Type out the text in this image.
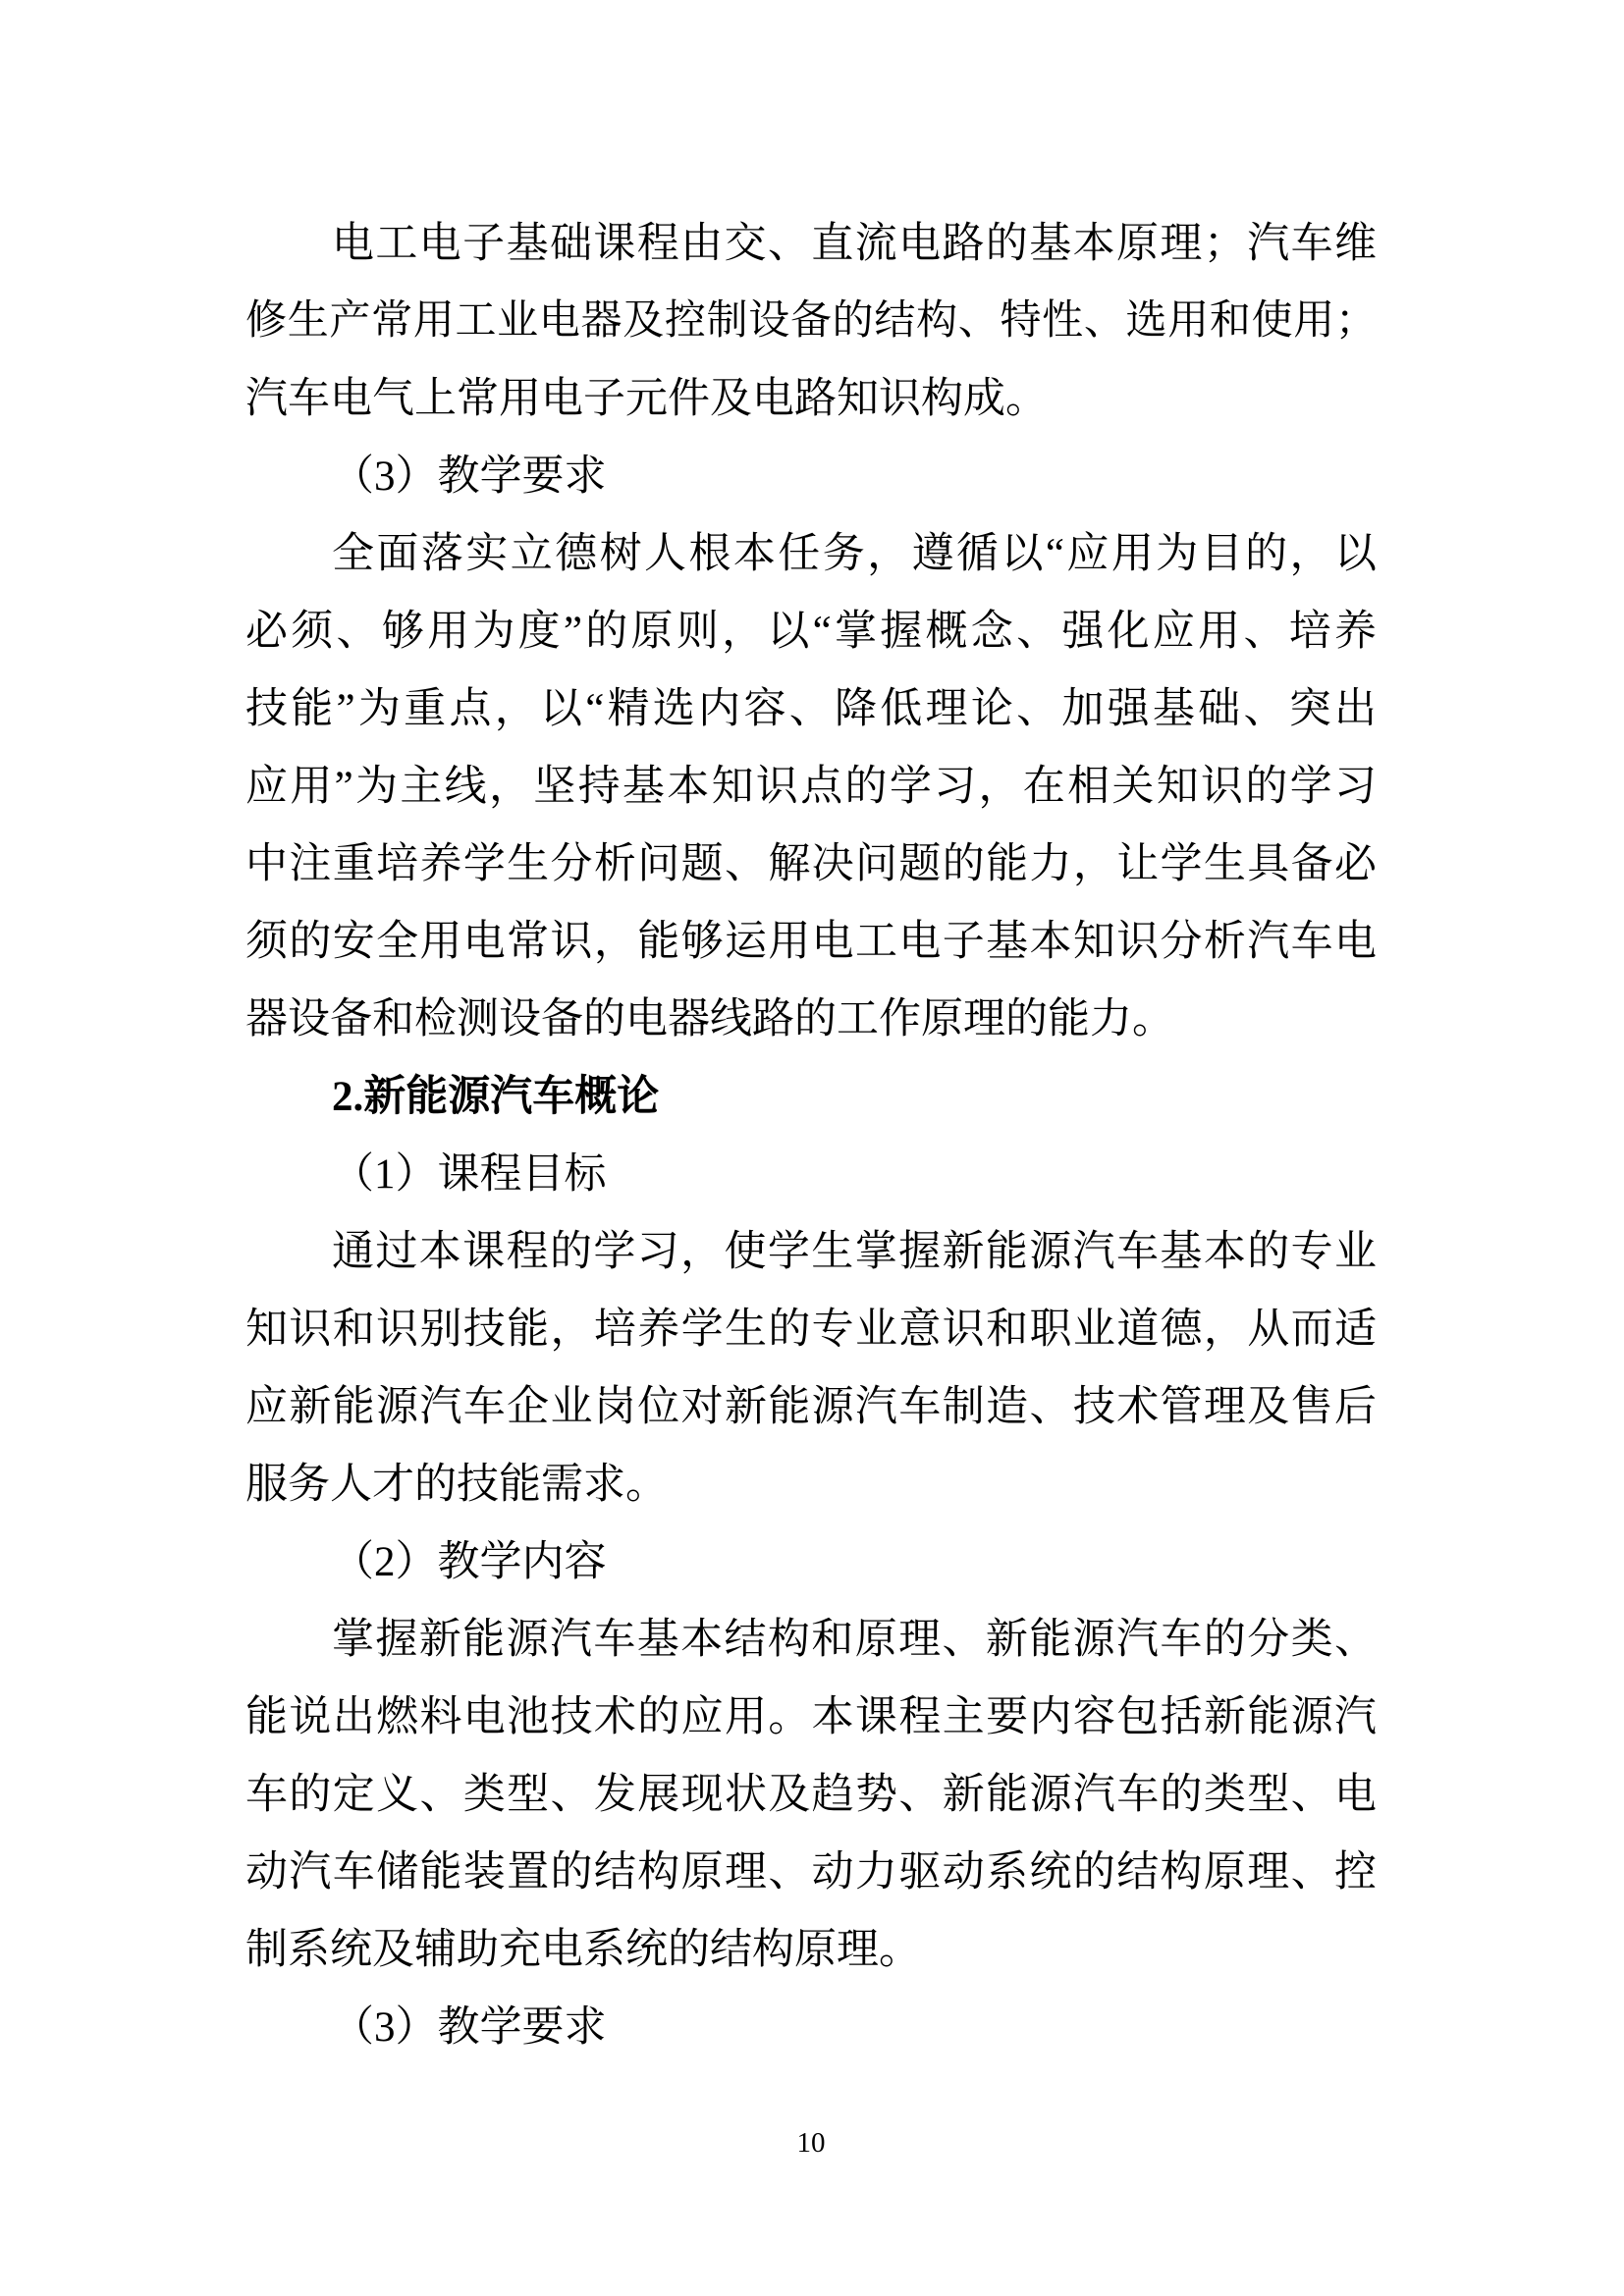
电工电子基础课程由交、直流电路的基本原理；汽车维
修生产常用工业电器及控制设备的结构、特性、选用和使用；
汽车电气上常用电子元件及电路知识构成。
（3）教学要求
全面落实立德树人根本任务，遵循以“应用为目的，以
必须、够用为度”的原则，以“掌握概念、强化应用、培养
技能”为重点，以“精选内容、降低理论、加强基础、突出
应用”为主线，坚持基本知识点的学习，在相关知识的学习
中注重培养学生分析问题、解决问题的能力，让学生具备必
须的安全用电常识，能够运用电工电子基本知识分析汽车电
器设备和检测设备的电器线路的工作原理的能力。
2.新能源汽车概论
（1）课程目标
通过本课程的学习，使学生掌握新能源汽车基本的专业
知识和识别技能，培养学生的专业意识和职业道德，从而适
应新能源汽车企业岗位对新能源汽车制造、技术管理及售后
服务人才的技能需求。
（2）教学内容
掌握新能源汽车基本结构和原理、新能源汽车的分类、
能说出燃料电池技术的应用。本课程主要内容包括新能源汽
车的定义、类型、发展现状及趋势、新能源汽车的类型、电
动汽车储能装置的结构原理、动力驱动系统的结构原理、控
制系统及辅助充电系统的结构原理。
（3）教学要求
10
